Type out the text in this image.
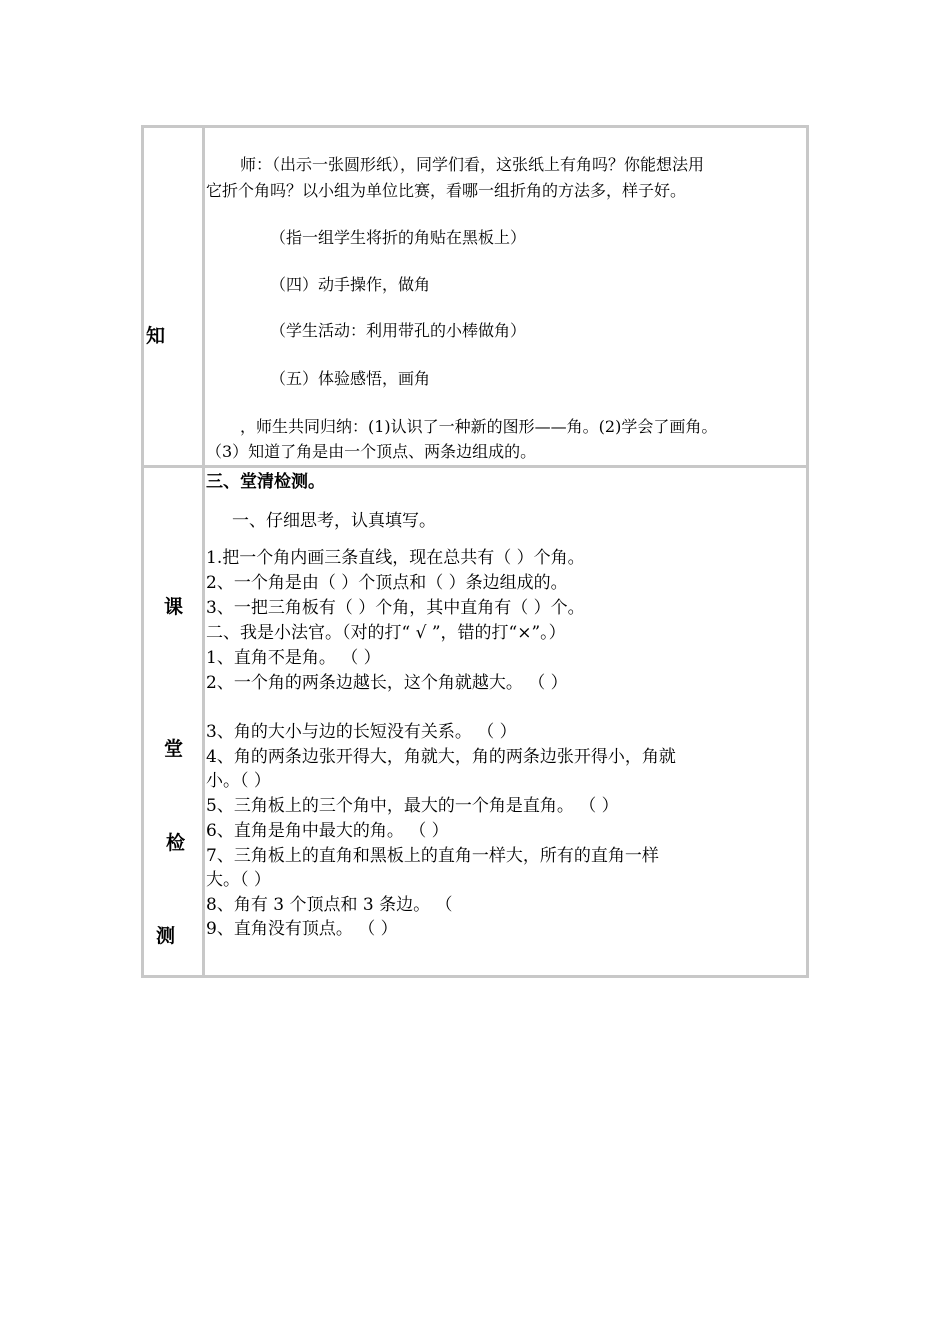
知
师：（出示一张圆形纸），同学们看，这张纸上有角吗？你能想法用
它折个角吗？以小组为单位比赛，看哪一组折角的方法多，样子好。
（指一组学生将折的角贴在黑板上）
（四）动手操作，做角
（学生活动：利用带孔的小棒做角）
（五）体验感悟，画角
，师生共同归纳：(1)认识了一种新的图形——角。(2)学会了画角。
（3）知道了角是由一个顶点、两条边组成的。
课
堂
检
测
三、堂清检测。
一、仔细思考，认真填写。
1.把一个角内画三条直线，现在总共有（ ）个角。
2、一个角是由（ ）个顶点和（ ）条边组成的。
3、一把三角板有（ ）个角，其中直角有（ ）个。
二、我是小法官。（对的打“ √ ”，错的打“×”。）
1、直角不是角。 （ ）
2、一个角的两条边越长，这个角就越大。 （ ）
3、角的大小与边的长短没有关系。 （ ）
4、角的两条边张开得大，角就大，角的两条边张开得小，角就
小。（ ）
5、三角板上的三个角中，最大的一个角是直角。 （ ）
6、直角是角中最大的角。 （ ）
7、三角板上的直角和黑板上的直角一样大，所有的直角一样
大。（ ）
8、角有 3 个顶点和 3 条边。 （
9、直角没有顶点。 （ ）
